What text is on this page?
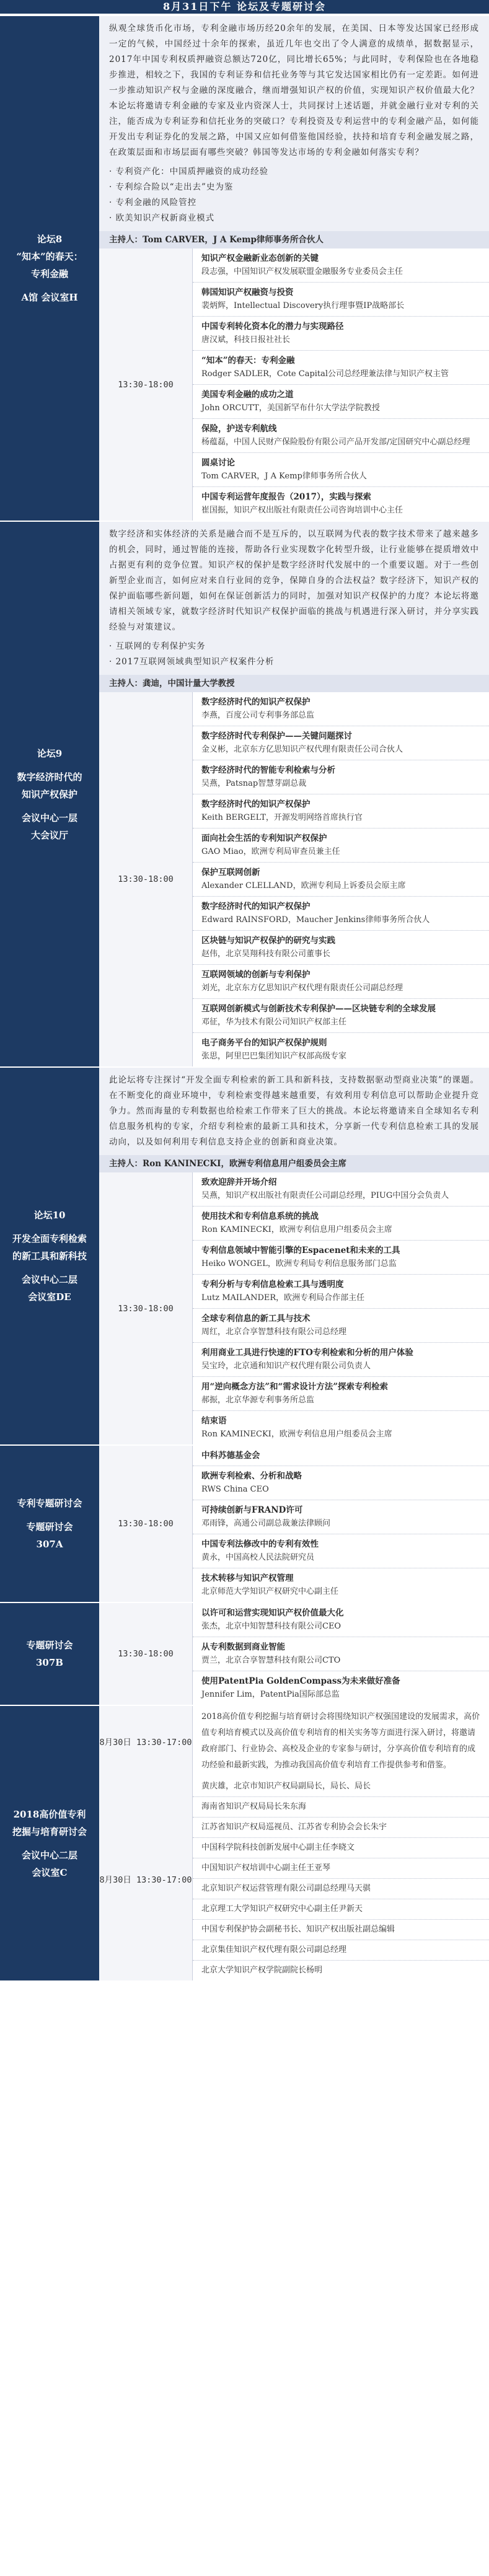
8月31日下午 论坛及专题研讨会
论坛8
“知本”的春天：
专利金融
A馆 会议室H
纵观全球货币化市场，专利金融市场历经20余年的发展，在美国、日本等发达国家已经形成一定的气候，中国经过十余年的探索，虽近几年也交出了令人满意的成绩单，据数据显示，2017年中国专利权质押融资总额达720亿，同比增长65%；与此同时，专利保险也在各地稳步推进，相较之下，我国的专利证券和信托业务等与其它发达国家相比仍有一定差距。如何进一步推动知识产权与金融的深度融合，继而增强知识产权的价值，实现知识产权价值最大化？本论坛将邀请专利金融的专家及业内资深人士，共同探讨上述话题，并就金融行业对专利的关注，能否成为专利证券和信托业务的突破口？专利投资及专利运营中的专利金融产品，如何能开发出专利证券化的发展之路，中国又应如何借鉴他国经验，扶持和培育专利金融发展之路，在政策层面和市场层面有哪些突破？韩国等发达市场的专利金融如何落实专利？
· 专利资产化：中国质押融资的成功经验
· 专利综合险以“走出去”史为鉴
· 专利金融的风险管控
· 欧美知识产权新商业模式
主持人：Tom CARVER，J A Kemp律师事务所合伙人
13:30-18:00
知识产权金融新业态创新的关键
段志强，中国知识产权发展联盟金融服务专业委员会主任
韩国知识产权融资与投资
裴炳辉，Intellectual Discovery执行理事暨IP战略部长
中国专利转化资本化的潜力与实现路径
唐汉斌，科技日报社社长
“知本”的春天：专利金融
Rodger SADLER，Cote Capital公司总经理兼法律与知识产权主管
美国专利金融的成功之道
John ORCUTT，美国新罕布什尔大学法学院教授
保险，护送专利航线
杨蕴磊，中国人民财产保险股份有限公司产品开发部/定国研究中心副总经理
圆桌讨论
Tom CARVER，J A Kemp律师事务所合伙人
中国专利运营年度报告（2017），实践与探索
崔国振，知识产权出版社有限责任公司咨询培训中心主任
论坛9
数字经济时代的
知识产权保护
会议中心一层
大会议厅
数字经济和实体经济的关系是融合而不是互斥的，以互联网为代表的数字技术带来了越来越多的机会，同时，通过智能的连接，帮助各行业实现数字化转型升级，让行业能够在提质增效中占据更有利的竞争位置。知识产权的保护是数字经济时代发展中的一个重要议题。对于一些创新型企业而言，如何应对来自行业间的竞争，保障自身的合法权益？数字经济下，知识产权的保护面临哪些新问题，如何在保证创新活力的同时，加强对知识产权保护的力度？本论坛将邀请相关领域专家，就数字经济时代知识产权保护面临的挑战与机遇进行深入研讨，并分享实践经验与对策建议。
· 互联网的专利保护实务
· 2017互联网领域典型知识产权案件分析
主持人：龚迪，中国计量大学教授
13:30-18:00
数字经济时代的知识产权保护
李燕，百度公司专利事务部总监
数字经济时代专利保护——关键问题探讨
金义彬，北京东方亿思知识产权代理有限责任公司合伙人
数字经济时代的智能专利检索与分析
吴燕，Patsnap智慧芽副总裁
数字经济时代的知识产权保护
Keith BERGELT，开源发明网络首席执行官
面向社会生活的专利知识产权保护
GAO Miao，欧洲专利局审查员兼主任
保护互联网创新
Alexander CLELLAND，欧洲专利局上诉委员会原主席
数字经济时代的知识产权保护
Edward RAINSFORD，Maucher Jenkins律师事务所合伙人
区块链与知识产权保护的研究与实践
赵伟，北京昊翔科技有限公司董事长
互联网领域的创新与专利保护
刘光，北京东方亿思知识产权代理有限责任公司副总经理
互联网创新模式与创新技术专利保护——区块链专利的全球发展
邓征，华为技术有限公司知识产权部主任
电子商务平台的知识产权保护规则
张思，阿里巴巴集团知识产权部高级专家
论坛10
开发全面专利检索
的新工具和新科技
会议中心二层
会议室DE
此论坛将专注探讨“开发全面专利检索的新工具和新科技，支持数据驱动型商业决策”的课题。在不断变化的商业环境中，专利检索变得越来越重要，有效利用专利信息可以帮助企业提升竞争力。然而海量的专利数据也给检索工作带来了巨大的挑战。本论坛将邀请来自全球知名专利信息服务机构的专家，介绍专利检索的最新工具和技术，分享新一代专利信息检索工具的发展动向，以及如何利用专利信息支持企业的创新和商业决策。
主持人：Ron KANINECKI，欧洲专利信息用户组委员会主席
13:30-18:00
致欢迎辞并开场介绍
吴燕，知识产权出版社有限责任公司副总经理，PIUG中国分会负责人
使用技术和专利信息系统的挑战
Ron KAMINECKI，欧洲专利信息用户组委员会主席
专利信息领域中智能引擎的Espacenet和未来的工具
Heiko WONGEL，欧洲专利局专利信息服务部门总监
专利分析与专利信息检索工具与透明度
Lutz MAILANDER，欧洲专利局合作部主任
全球专利信息的新工具与技术
周红，北京合享智慧科技有限公司总经理
利用商业工具进行快速的FTO专利检索和分析的用户体验
吴宝玲，北京通和知识产权代理有限公司负责人
用“逆向概念方法”和“需求设计方法”探索专利检索
郝振，北京华源专利事务所总监
结束语
Ron KAMINECKI，欧洲专利信息用户组委员会主席
专利专题研讨会
专题研讨会
307A
13:30-18:00
中科苏德基金会
欧洲专利检索、分析和战略
RWS China CEO
可持续创新与FRAND许可
邓雨锋，高通公司副总裁兼法律顾问
中国专利法修改中的专利有效性
黄永，中国高校人民法院研究员
技术转移与知识产权管理
北京师范大学知识产权研究中心副主任
专题研讨会
307B
13:30-18:00
以许可和运营实现知识产权价值最大化
张杰，北京中知智慧科技有限公司CEO
从专利数据到商业智能
贾兰，北京合享智慧科技有限公司CTO
使用PatentPia GoldenCompass为未来做好准备
Jennifer Lim，PatentPia国际部总监
2018高价值专利
挖掘与培育研讨会
会议中心二层
会议室C
8月30日 13:30-17:00
2018高价值专利挖掘与培育研讨会将围绕知识产权强国建设的发展需求，高价值专利培育模式以及高价值专利培育的相关实务等方面进行深入研讨，将邀请政府部门、行业协会、高校及企业的专家参与研讨，分享高价值专利培育的成功经验和最新实践，为推动我国高价值专利培育工作提供参考和借鉴。
8月30日 13:30-17:00
黄庆雄，北京市知识产权局副局长，局长、局长
海南省知识产权局局长朱东海
江苏省知识产权局巡视员、江苏省专利协会会长朱宇
中国科学院科技创新发展中心副主任李晓文
中国知识产权培训中心副主任王亚琴
北京知识产权运营管理有限公司副总经理马天骐
北京理工大学知识产权研究中心副主任尹新天
中国专利保护协会副秘书长、知识产权出版社副总编辑
北京集佳知识产权代理有限公司副总经理
北京大学知识产权学院副院长杨明
